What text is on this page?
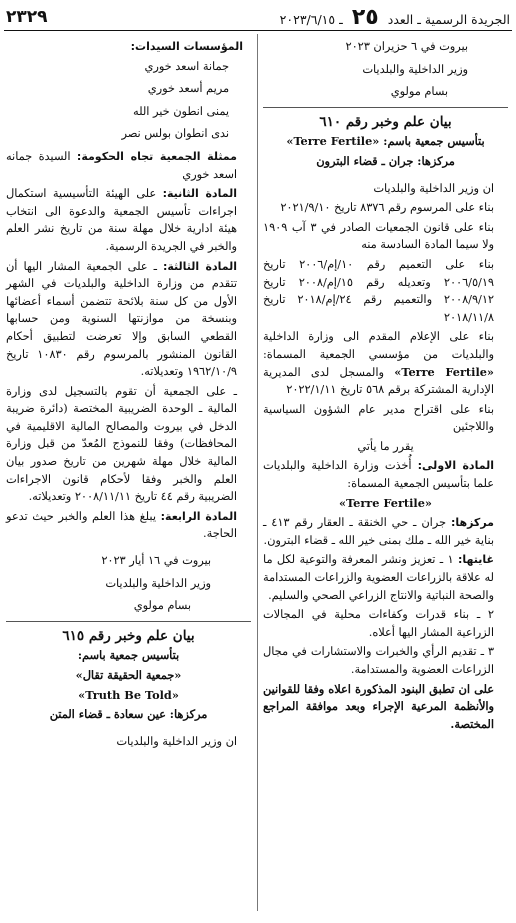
الجريدة الرسمية ـ العدد ٢٥ ـ ٢٠٢٣/٦/١٥
٢٣٢٩

بيروت في ٦ حزيران ٢٠٢٣

وزير الداخلية والبلديات

بسام مولوي

بيان علم وخبر رقم ٦١٠

بتأسيس جمعية باسم: «Terre Fertile»

مركزها: جران ـ قضاء البترون

ان وزير الداخلية والبلديات

بناء على المرسوم رقم ٨٣٧٦ تاريخ ٢٠٢١/٩/١٠

بناء على قانون الجمعيات الصادر في ٣ آب ١٩٠٩ ولا سيما المادة السادسة منه

بناء على التعميم رقم ١٠/إم/٢٠٠٦ تاريخ ٢٠٠٦/٥/١٩ وتعديله رقم ١٥/إم/٢٠٠٨ تاريخ ٢٠٠٨/٩/١٢ والتعميم رقم ٢٤/إم/٢٠١٨ تاريخ ٢٠١٨/١١/٨

بناء على الإعلام المقدم الى وزارة الداخلية والبلديات من مؤسسي الجمعية المسماة: «Terre Fertile» والمسجل لدى المديرية الإدارية المشتركة برقم ٥٦٨ تاريخ ٢٠٢٢/١/١١

بناء على اقتراح مدير عام الشؤون السياسية واللاجئين

يقرر ما يأتي

المادة الاولى: أُخذت وزارة الداخلية والبلديات علما بتأسيس الجمعية المسماة:

«Terre Fertile»

مركزها: جران ـ حي الخنقة ـ العقار رقم ٤١٣ ـ بناية خير الله ـ ملك بمنى خير الله ـ قضاء البترون.

غايتها: ١ ـ تعزيز ونشر المعرفة والتوعية لكل ما له علاقة بالزراعات العضوية والزراعات المستدامة والصحة النباتية والانتاج الزراعي الصحي والسليم.

٢ ـ بناء قدرات وكفاءات محلية في المجالات الزراعية المشار اليها أعلاه.

٣ ـ تقديم الرأي والخبرات والاستشارات في مجال الزراعات العضوية والمستدامة.

على ان تطبق البنود المذكورة اعلاه وفقا للقوانين والأنظمة المرعية الإجراء وبعد موافقة المراجع المختصة.

المؤسسات السيدات:

جمانة اسعد خوري

مريم أسعد خوري

يمنى انطون خير الله

ندى انطوان بولس نصر

ممثلة الجمعية تجاه الحكومة: السيدة جمانه اسعد خوري

المادة الثانية: على الهيئة التأسيسية استكمال اجراءات تأسيس الجمعية والدعوة الى انتخاب هيئة ادارية خلال مهلة سنة من تاريخ نشر العلم والخبر في الجريدة الرسمية.

المادة الثالثة: ـ على الجمعية المشار اليها أن تتقدم من وزارة الداخلية والبلديات في الشهر الأول من كل سنة بلائحة تتضمن أسماء أعضائها وبنسخة من موازنتها السنوية ومن حسابها القطعي السابق وإلا تعرضت لتطبيق أحكام القانون المنشور بالمرسوم رقم ١٠٨٣٠ تاريخ ١٩٦٢/١٠/٩ وتعديلاته.

ـ على الجمعية أن تقوم بالتسجيل لدى وزارة المالية ـ الوحدة الضريبية المختصة (دائرة ضريبة الدخل في بيروت والمصالح المالية الاقليمية في المحافظات) وفقا للنموذج المُعدّ من قبل وزارة المالية خلال مهلة شهرين من تاريخ صدور بيان العلم والخبر وفقا لأحكام قانون الاجراءات الضريبية رقم ٤٤ تاريخ ٢٠٠٨/١١/١١ وتعديلاته.

المادة الرابعة: يبلغ هذا العلم والخبر حيث تدعو الحاجة.

بيروت في ١٦ أيار ٢٠٢٣

وزير الداخلية والبلديات

بسام مولوي

بيان علم وخبر رقم ٦١٥

بتأسيس جمعية باسم:

«جمعية الحقيقة تقال»

«Truth Be Told»

مركزها: عين سعادة ـ قضاء المتن

ان وزير الداخلية والبلديات
